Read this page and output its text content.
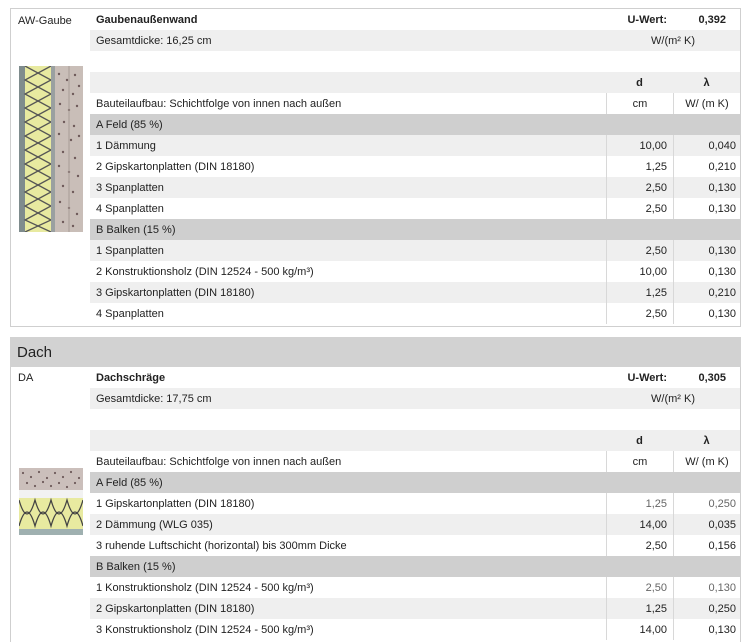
AW-Gaube	Gaubenaußenwand	U-Wert:	0,392
Gesamtdicke: 16,25 cm	W/(m² K)
d	λ
Bauteilaufbau: Schichtfolge von innen nach außen	cm	W/ (m K)
A Feld (85 %)
1 Dämmung	10,00	0,040
2 Gipskartonplatten (DIN 18180)	1,25	0,210
3 Spanplatten	2,50	0,130
4 Spanplatten	2,50	0,130
B Balken (15 %)
1 Spanplatten	2,50	0,130
2 Konstruktionsholz (DIN 12524 - 500 kg/m³)	10,00	0,130
3 Gipskartonplatten (DIN 18180)	1,25	0,210
4 Spanplatten	2,50	0,130
Dach
DA	Dachschräge	U-Wert:	0,305
Gesamtdicke: 17,75 cm	W/(m² K)
d	λ
Bauteilaufbau: Schichtfolge von innen nach außen	cm	W/ (m K)
A Feld (85 %)
1 Gipskartonplatten (DIN 18180)	1,25	0,250
2 Dämmung (WLG 035)	14,00	0,035
3 ruhende Luftschicht (horizontal) bis 300mm Dicke	2,50	0,156
B Balken (15 %)
1 Konstruktionsholz (DIN 12524 - 500 kg/m³)	2,50	0,130
2 Gipskartonplatten (DIN 18180)	1,25	0,250
3 Konstruktionsholz (DIN 12524 - 500 kg/m³)	14,00	0,130
